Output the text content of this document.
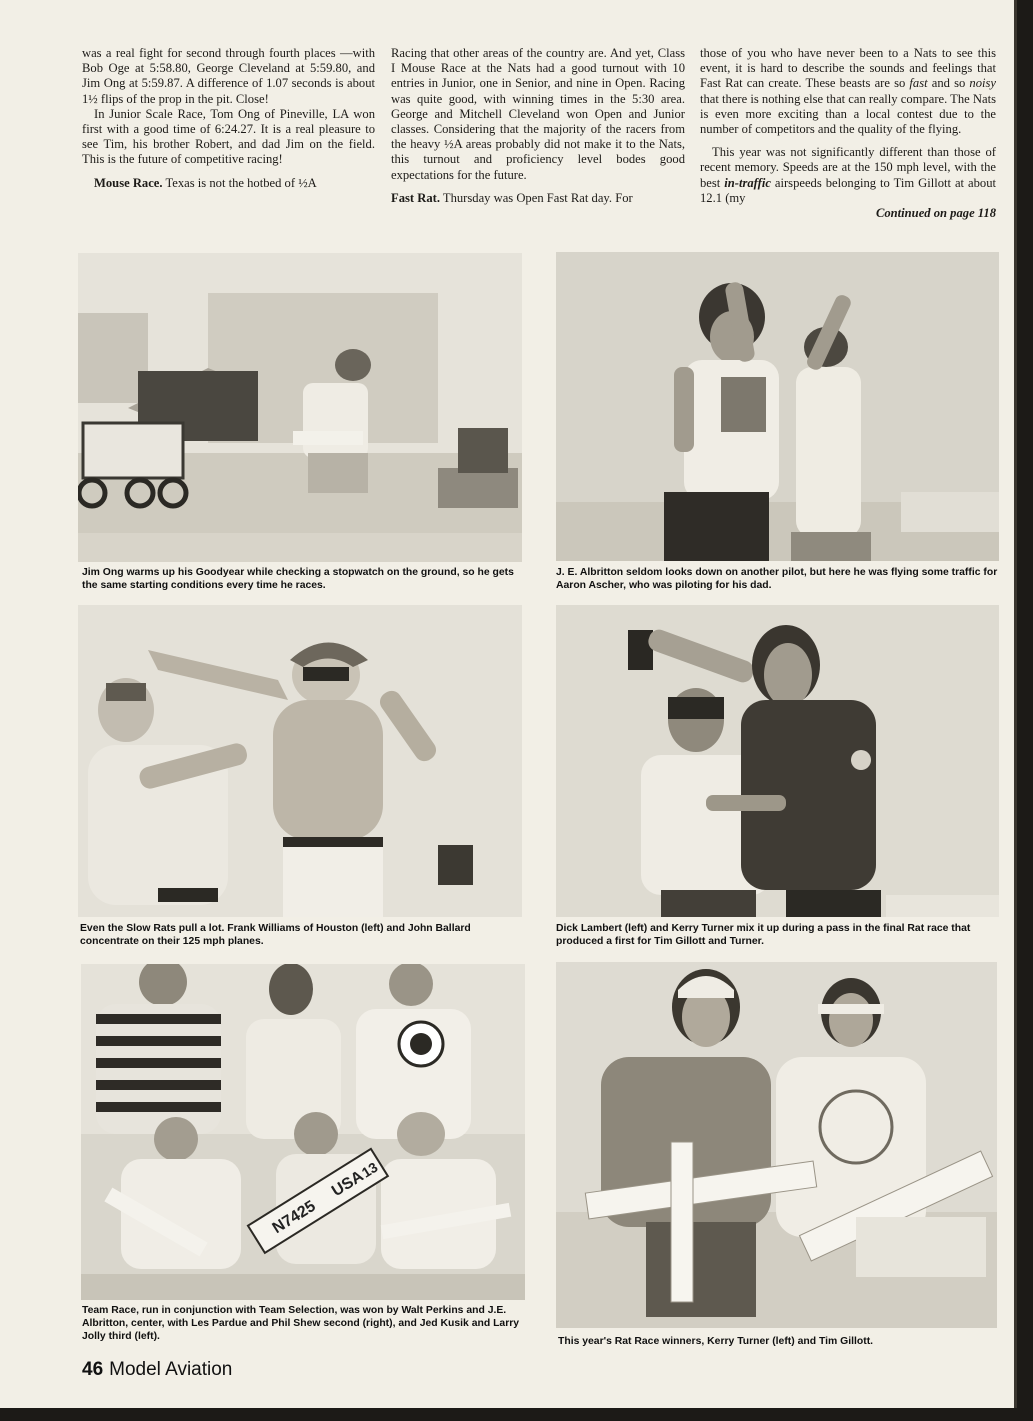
was a real fight for second through fourth places —with Bob Oge at 5:58.80, George Cleveland at 5:59.80, and Jim Ong at 5:59.87. A difference of 1.07 seconds is about 1½ flips of the prop in the pit. Close!

In Junior Scale Race, Tom Ong of Pineville, LA won first with a good time of 6:24.27. It is a real pleasure to see Tim, his brother Robert, and dad Jim on the field. This is the future of competitive racing!

Mouse Race. Texas is not the hotbed of ½A

Racing that other areas of the country are. And yet, Class I Mouse Race at the Nats had a good turnout with 10 entries in Junior, one in Senior, and nine in Open. Racing was quite good, with winning times in the 5:30 area. George and Mitchell Cleveland won Open and Junior classes. Considering that the majority of the racers from the heavy ½A areas probably did not make it to the Nats, this turnout and proficiency level bodes good expectations for the future.

Fast Rat. Thursday was Open Fast Rat day. For

those of you who have never been to a Nats to see this event, it is hard to describe the sounds and feelings that Fast Rat can create. These beasts are so fast and so noisy that there is nothing else that can really compare. The Nats is even more exciting than a local contest due to the number of competitors and the quality of the flying.

This year was not significantly different than those of recent memory. Speeds are at the 150 mph level, with the best in-traffic airspeeds belonging to Tim Gillott at about 12.1 (my

Continued on page 118
Jim Ong warms up his Goodyear while checking a stopwatch on the ground, so he gets the same starting conditions every time he races.
J. E. Albritton seldom looks down on another pilot, but here he was flying some traffic for Aaron Ascher, who was piloting for his dad.
Even the Slow Rats pull a lot. Frank Williams of Houston (left) and John Ballard concentrate on their 125 mph planes.
Dick Lambert (left) and Kerry Turner mix it up during a pass in the final Rat race that produced a first for Tim Gillott and Turner.
N7425
USA
13
Team Race, run in conjunction with Team Selection, was won by Walt Perkins and J.E. Albritton, center, with Les Pardue and Phil Shew second (right), and Jed Kusik and Larry Jolly third (left).	This year's Rat Race winners, Kerry Turner (left) and Tim Gillott.
46 Model Aviation
